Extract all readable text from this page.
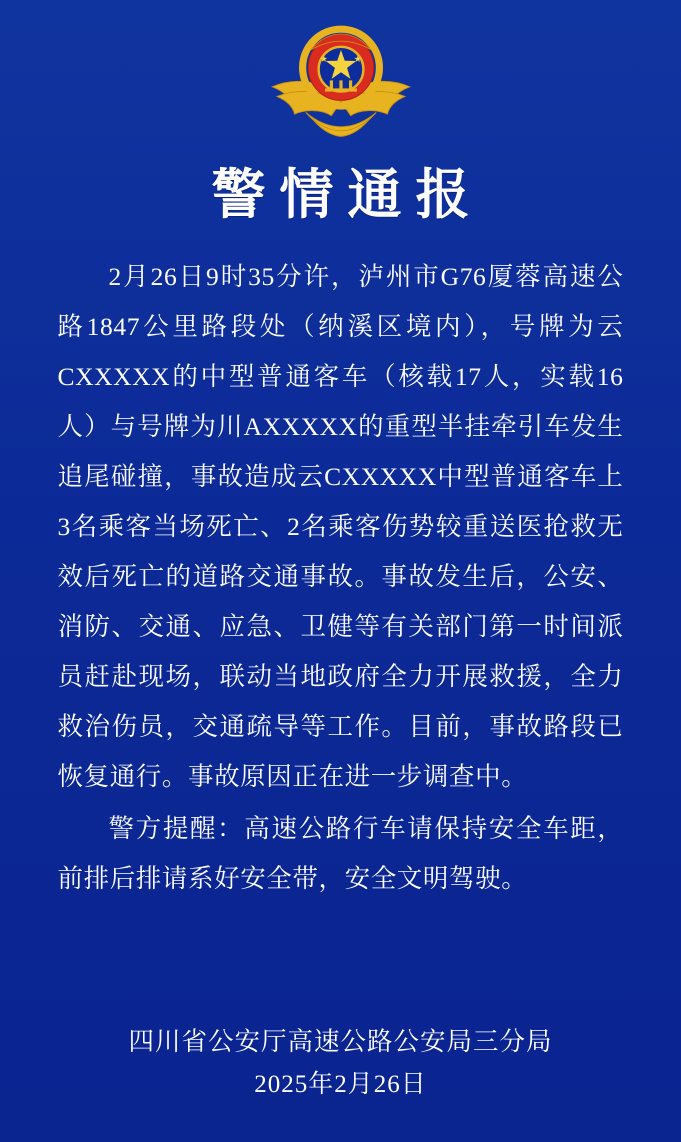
警情通报

2月26日9时35分许，泸州市G76厦蓉高速公路1847公里路段处（纳溪区境内），号牌为云CXXXXX的中型普通客车（核载17人，实载16人）与号牌为川AXXXXX的重型半挂牵引车发生追尾碰撞，事故造成云CXXXXX中型普通客车上3名乘客当场死亡、2名乘客伤势较重送医抢救无效后死亡的道路交通事故。事故发生后，公安、消防、交通、应急、卫健等有关部门第一时间派员赶赴现场，联动当地政府全力开展救援，全力救治伤员，交通疏导等工作。目前，事故路段已恢复通行。事故原因正在进一步调查中。

警方提醒：高速公路行车请保持安全车距，前排后排请系好安全带，安全文明驾驶。

四川省公安厅高速公路公安局三分局
2025年2月26日
